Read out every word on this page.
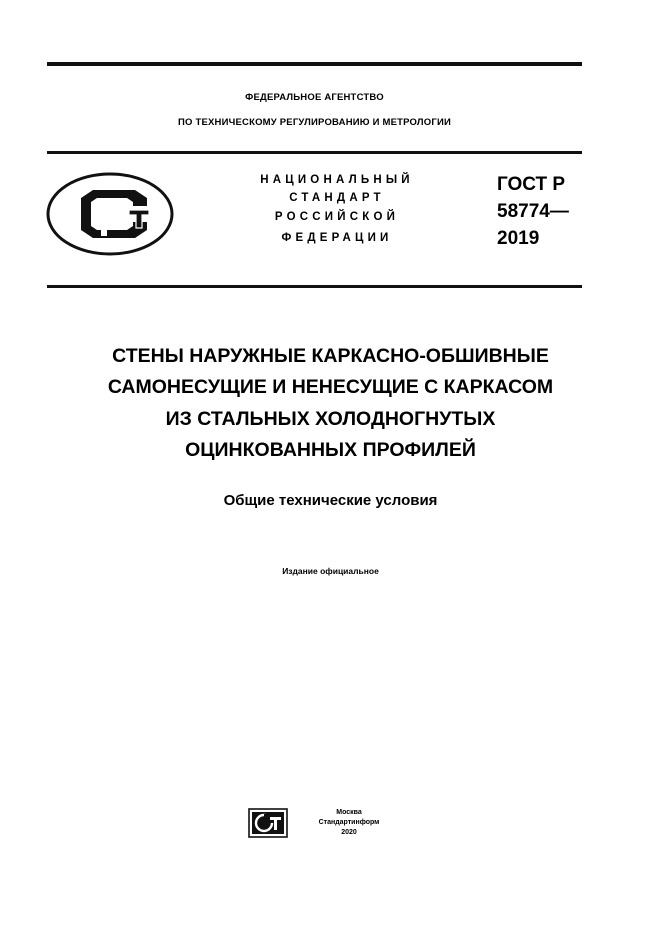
ФЕДЕРАЛЬНОЕ АГЕНТСТВО
ПО ТЕХНИЧЕСКОМУ РЕГУЛИРОВАНИЮ И МЕТРОЛОГИИ
НАЦИОНАЛЬНЫЙ
СТАНДАРТ
РОССИЙСКОЙ
ФЕДЕРАЦИИ
ГОСТ Р
58774—
2019
СТЕНЫ НАРУЖНЫЕ КАРКАСНО-ОБШИВНЫЕ
САМОНЕСУЩИЕ И НЕНЕСУЩИЕ С КАРКАСОМ
ИЗ СТАЛЬНЫХ ХОЛОДНОГНУТЫХ
ОЦИНКОВАННЫХ ПРОФИЛЕЙ
Общие технические условия
Издание официальное
Москва
Стандартинформ
2020
